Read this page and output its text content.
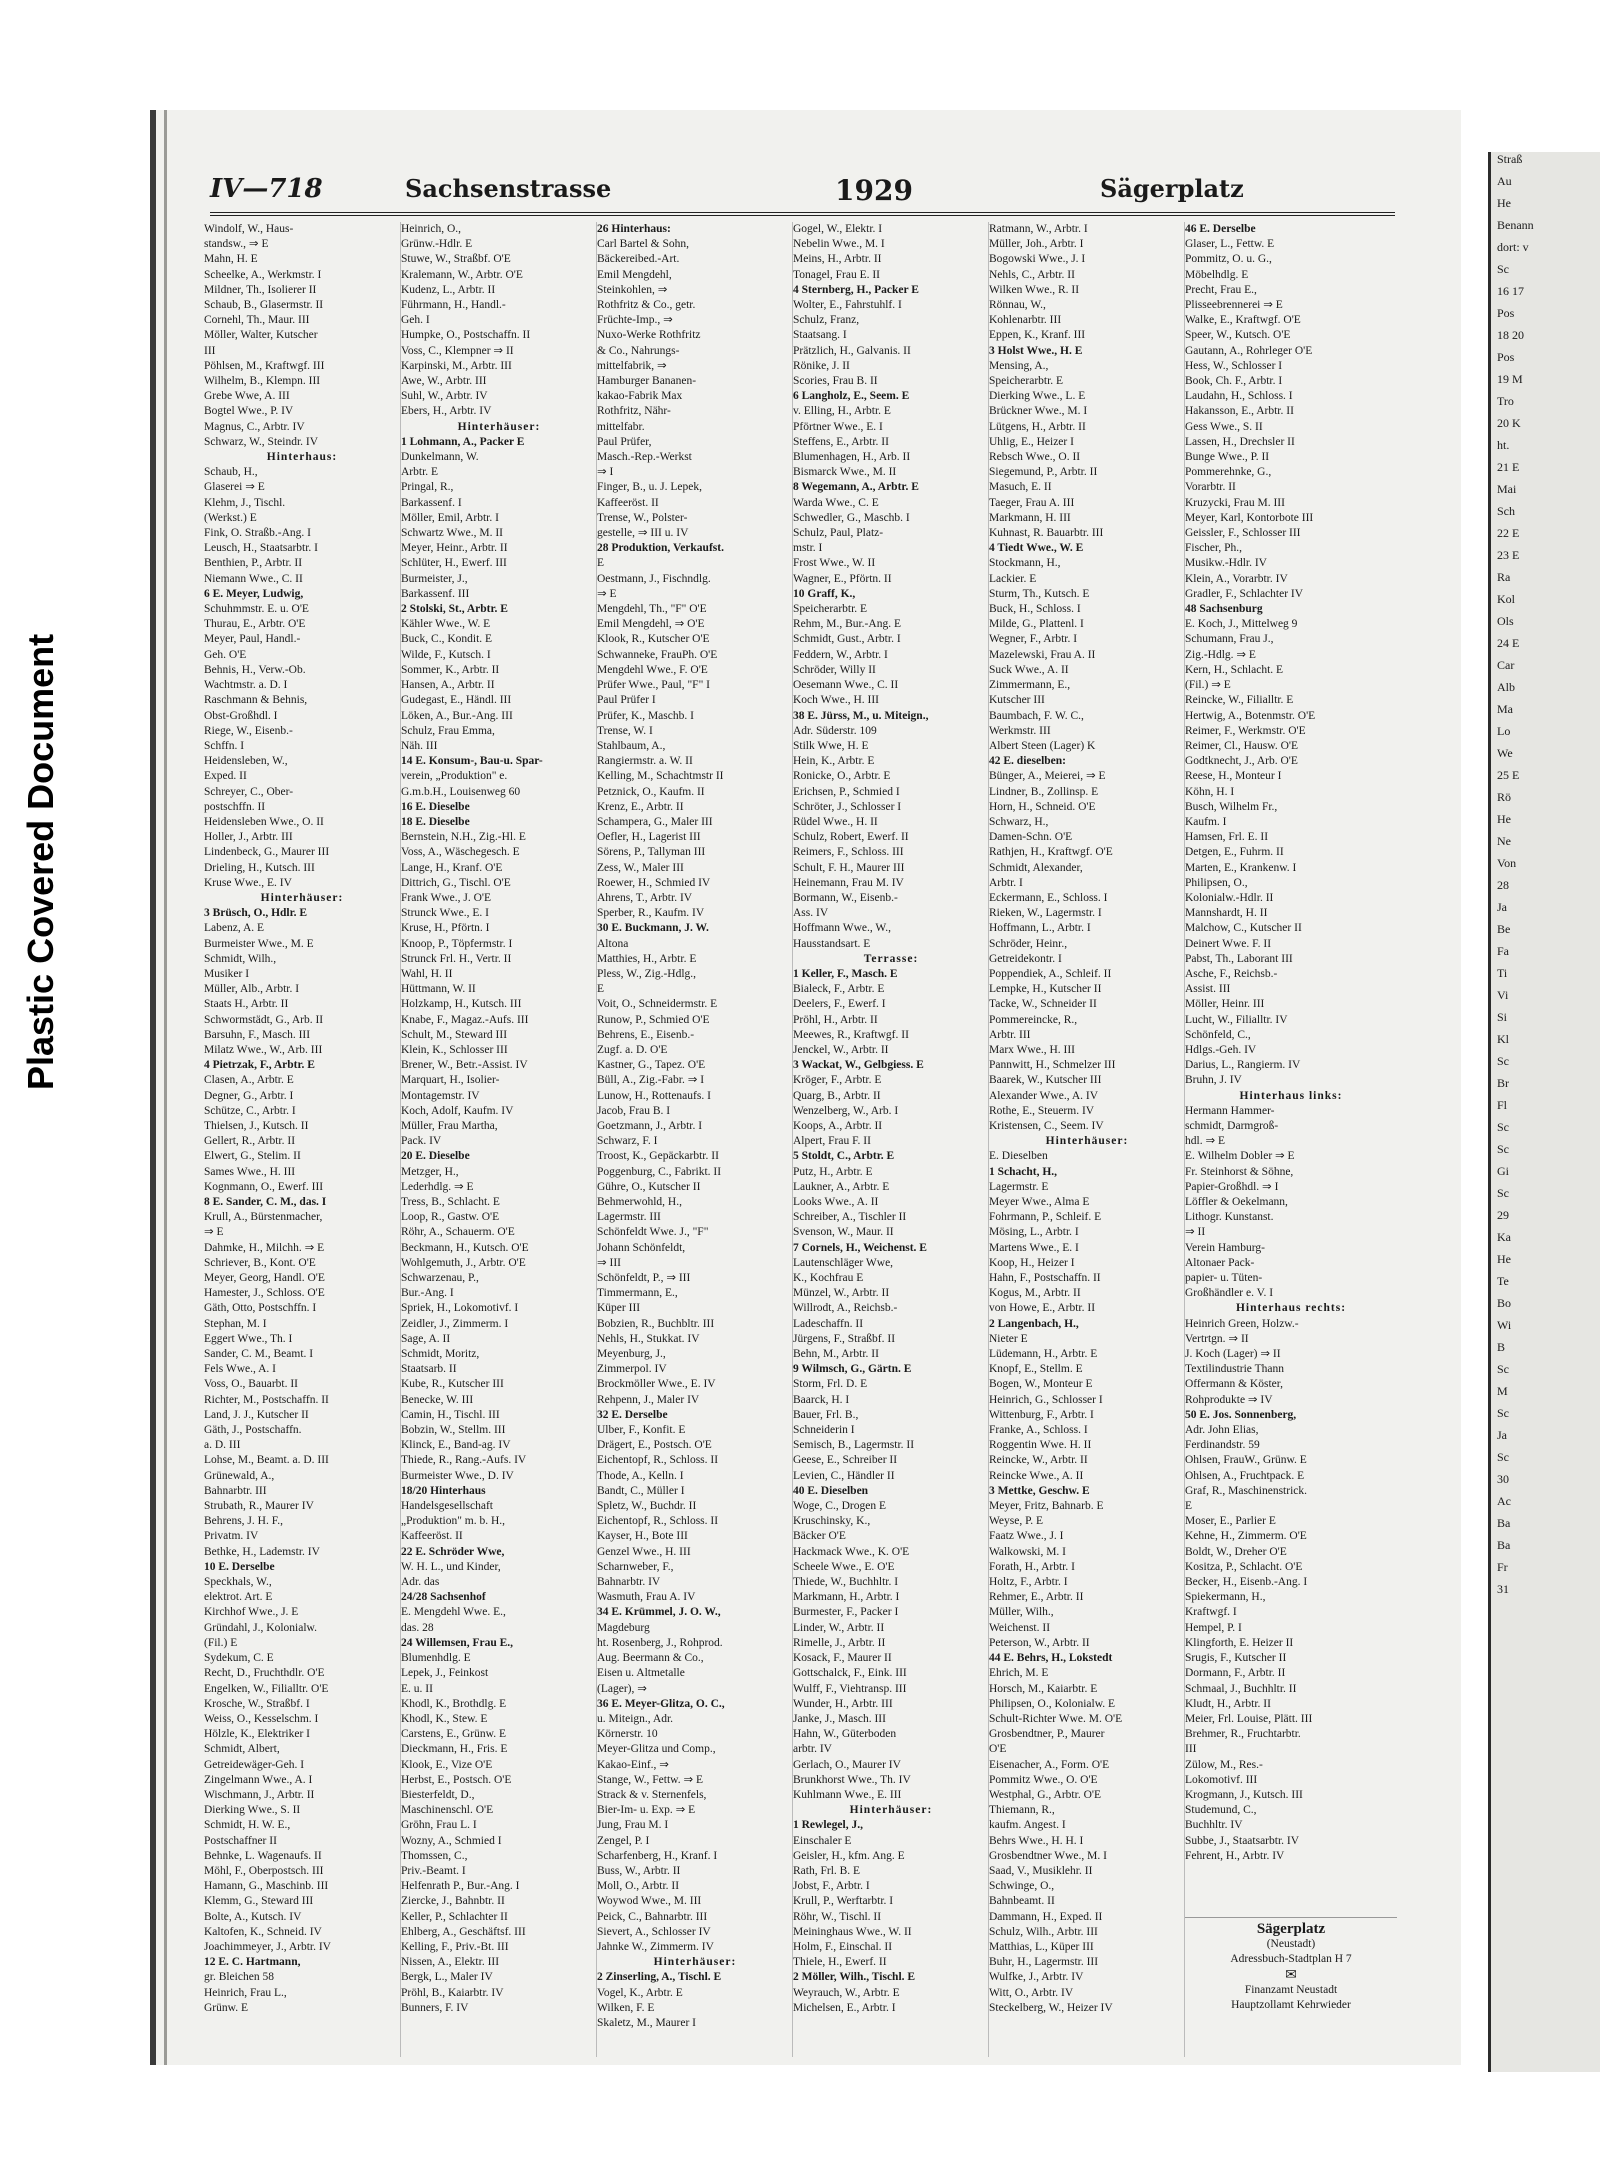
Plastic Covered Document
IV—718	Sachsenstrasse	1929	Sägerplatz
Windolf, W., Haus-
standsw., ⇒ E
Mahn, H. E
Scheelke, A., Werkmstr. I
Mildner, Th., Isolierer II
Schaub, B., Glasermstr. II
Cornehl, Th., Maur. III
Möller, Walter, Kutscher
III
Pöhlsen, M., Kraftwgf. III
Wilhelm, B., Klempn. III
Grebe Wwe, A. III
Bogtel Wwe., P. IV
Magnus, C., Arbtr. IV
Schwarz, W., Steindr. IV
Hinterhaus:
Schaub, H.,
Glaserei ⇒ E
Klehm, J., Tischl.
(Werkst.) E
Fink, O. Straßb.-Ang. I
Leusch, H., Staatsarbtr. I
Benthien, P., Arbtr. II
Niemann Wwe., C. II
6 E. Meyer, Ludwig,
Schuhmmstr. E. u. O'E
Thurau, E., Arbtr. O'E
Meyer, Paul, Handl.-
Geh. O'E
Behnis, H., Verw.-Ob.
Wachtmstr. a. D. I
Raschmann & Behnis,
Obst-Großhdl. I
Riege, W., Eisenb.-
Schffn. I
Heidensleben, W.,
Exped. II
Schreyer, C., Ober-
postschffn. II
Heidensleben Wwe., O. II
Holler, J., Arbtr. III
Lindenbeck, G., Maurer III
Drieling, H., Kutsch. III
Kruse Wwe., E. IV
Hinterhäuser:
3 Brüsch, O., Hdlr. E
Labenz, A. E
Burmeister Wwe., M. E
Schmidt, Wilh.,
Musiker I
Müller, Alb., Arbtr. I
Staats H., Arbtr. II
Schwormstädt, G., Arb. II
Barsuhn, F., Masch. III
Milatz Wwe., W., Arb. III
4 Pietrzak, F., Arbtr. E
Clasen, A., Arbtr. E
Degner, G., Arbtr. I
Schütze, C., Arbtr. I
Thielsen, J., Kutsch. II
Gellert, R., Arbtr. II
Elwert, G., Stelim. II
Sames Wwe., H. III
Kognmann, O., Ewerf. III
8 E. Sander, C. M., das. I
Krull, A., Bürstenmacher,
⇒ E
Dahmke, H., Milchh. ⇒ E
Schriever, B., Kont. O'E
Meyer, Georg, Handl. O'E
Hamester, J., Schloss. O'E
Gäth, Otto, Postschffn. I
Stephan, M. I
Eggert Wwe., Th. I
Sander, C. M., Beamt. I
Fels Wwe., A. I
Voss, O., Bauarbt. II
Richter, M., Postschaffn. II
Land, J. J., Kutscher II
Gäth, J., Postschaffn.
a. D. III
Lohse, M., Beamt. a. D. III
Grünewald, A.,
Bahnarbtr. III
Strubath, R., Maurer IV
Behrens, J. H. F.,
Privatm. IV
Bethke, H., Lademstr. IV
10 E. Derselbe
Speckhals, W.,
elektrot. Art. E
Kirchhof Wwe., J. E
Gründahl, J., Kolonialw.
(Fil.) E
Sydekum, C. E
Recht, D., Fruchthdlr. O'E
Engelken, W., Filialltr. O'E
Krosche, W., Straßbf. I
Weiss, O., Kesselschm. I
Hölzle, K., Elektriker I
Schmidt, Albert,
Getreidewäger-Geh. I
Zingelmann Wwe., A. I
Wischmann, J., Arbtr. II
Dierking Wwe., S. II
Schmidt, H. W. E.,
Postschaffner II
Behnke, L. Wagenaufs. II
Möhl, F., Oberpostsch. III
Hamann, G., Maschinb. III
Klemm, G., Steward III
Bolte, A., Kutsch. IV
Kaltofen, K., Schneid. IV
Joachimmeyer, J., Arbtr. IV
12 E. C. Hartmann,
gr. Bleichen 58
Heinrich, Frau L.,
Grünw. E
Heinrich, O.,
Grünw.-Hdlr. E
Stuwe, W., Straßbf. O'E
Kralemann, W., Arbtr. O'E
Kudenz, L., Arbtr. II
Führmann, H., Handl.-
Geh. I
Humpke, O., Postschaffn. II
Voss, C., Klempner ⇒ II
Karpinski, M., Arbtr. III
Awe, W., Arbtr. III
Suhl, W., Arbtr. IV
Ebers, H., Arbtr. IV
Hinterhäuser:
1 Lohmann, A., Packer E
Dunkelmann, W.
Arbtr. E
Pringal, R.,
Barkassenf. I
Möller, Emil, Arbtr. I
Schwartz Wwe., M. II
Meyer, Heinr., Arbtr. II
Schlüter, H., Ewerf. III
Burmeister, J.,
Barkassenf. III
2 Stolski, St., Arbtr. E
Kähler Wwe., W. E
Buck, C., Kondit. E
Wilde, F., Kutsch. I
Sommer, K., Arbtr. II
Hansen, A., Arbtr. II
Gudegast, E., Händl. III
Löken, A., Bur.-Ang. III
Schulz, Frau Emma,
Näh. III
14 E. Konsum-, Bau-u. Spar-
verein, „Produktion" e.
G.m.b.H., Louisenweg 60
16 E. Dieselbe
18 E. Dieselbe
Bernstein, N.H., Zig.-Hl. E
Voss, A., Wäschegesch. E
Lange, H., Kranf. O'E
Dittrich, G., Tischl. O'E
Frank Wwe., J. O'E
Strunck Wwe., E. I
Kruse, H., Pförtn. I
Knoop, P., Töpfermstr. I
Strunck Frl. H., Vertr. II
Wahl, H. II
Hüttmann, W. II
Holzkamp, H., Kutsch. III
Knabe, F., Magaz.-Aufs. III
Schult, M., Steward III
Klein, K., Schlosser III
Brener, W., Betr.-Assist. IV
Marquart, H., Isolier-
Montagemstr. IV
Koch, Adolf, Kaufm. IV
Müller, Frau Martha,
Pack. IV
20 E. Dieselbe
Metzger, H.,
Lederhdlg. ⇒ E
Tress, B., Schlacht. E
Loop, R., Gastw. O'E
Röhr, A., Schauerm. O'E
Beckmann, H., Kutsch. O'E
Wohlgemuth, J., Arbtr. O'E
Schwarzenau, P.,
Bur.-Ang. I
Spriek, H., Lokomotivf. I
Zeidler, J., Zimmerm. I
Sage, A. II
Schmidt, Moritz,
Staatsarb. II
Kube, R., Kutscher III
Benecke, W. III
Camin, H., Tischl. III
Bobzin, W., Stellm. III
Klinck, E., Band-ag. IV
Thiede, R., Rang.-Aufs. IV
Burmeister Wwe., D. IV
18/20 Hinterhaus
Handelsgesellschaft
„Produktion" m. b. H.,
Kaffeeröst. II
22 E. Schröder Wwe,
W. H. L., und Kinder,
Adr. das
24/28 Sachsenhof
E. Mengdehl Wwe. E.,
das. 28
24 Willemsen, Frau E.,
Blumenhdlg. E
Lepek, J., Feinkost
E. u. II
Khodl, K., Brothdlg. E
Khodl, K., Stew. E
Carstens, E., Grünw. E
Dieckmann, H., Fris. E
Klook, E., Vize O'E
Herbst, E., Postsch. O'E
Biesterfeldt, D.,
Maschinenschl. O'E
Gröhn, Frau L. I
Wozny, A., Schmied I
Thomssen, C.,
Priv.-Beamt. I
Helfenrath P., Bur.-Ang. I
Ziercke, J., Bahnbtr. II
Keller, P., Schlachter II
Ehlberg, A., Geschäftsf. III
Kelling, F., Priv.-Bt. III
Nissen, A., Elektr. III
Bergk, L., Maler IV
Pröhl, B., Kaiarbtr. IV
Bunners, F. IV
26 Hinterhaus:
Carl Bartel & Sohn,
Bäckereibed.-Art.
Emil Mengdehl,
Steinkohlen, ⇒
Rothfritz & Co., getr.
Früchte-Imp., ⇒
Nuxo-Werke Rothfritz
& Co., Nahrungs-
mittelfabrik, ⇒
Hamburger Bananen-
kakao-Fabrik Max
Rothfritz, Nähr-
mittelfabr.
Paul Prüfer,
Masch.-Rep.-Werkst
⇒ I
Finger, B., u. J. Lepek,
Kaffeeröst. II
Trense, W., Polster-
gestelle, ⇒ III u. IV
28 Produktion, Verkaufst.
E
Oestmann, J., Fischndlg.
⇒ E
Mengdehl, Th., "F" O'E
Emil Mengdehl, ⇒ O'E
Klook, R., Kutscher O'E
Schwanneke, FrauPh. O'E
Mengdehl Wwe., F. O'E
Prüfer Wwe., Paul, "F" I
Paul Prüfer I
Prüfer, K., Maschb. I
Trense, W. I
Stahlbaum, A.,
Rangiermstr. a. W. II
Kelling, M., Schachtmstr II
Petznick, O., Kaufm. II
Krenz, E., Arbtr. II
Schampera, G., Maler III
Oefler, H., Lagerist III
Sörens, P., Tallyman III
Zess, W., Maler III
Roewer, H., Schmied IV
Ahrens, T., Arbtr. IV
Sperber, R., Kaufm. IV
30 E. Buckmann, J. W.
Altona
Matthies, H., Arbtr. E
Pless, W., Zig.-Hdlg.,
E
Voit, O., Schneidermstr. E
Runow, P., Schmied O'E
Behrens, E., Eisenb.-
Zugf. a. D. O'E
Kastner, G., Tapez. O'E
Büll, A., Zig.-Fabr. ⇒ I
Lunow, H., Rottenaufs. I
Jacob, Frau B. I
Goetzmann, J., Arbtr. I
Schwarz, F. I
Troost, K., Gepäckarbtr. II
Poggenburg, C., Fabrikt. II
Gühre, O., Kutscher II
Behmerwohld, H.,
Lagermstr. III
Schönfeldt Wwe. J., "F"
Johann Schönfeldt,
⇒ III
Schönfeldt, P., ⇒ III
Timmermann, E.,
Küper III
Bobzien, R., Buchbltr. III
Nehls, H., Stukkat. IV
Meyenburg, J.,
Zimmerpol. IV
Brockmöller Wwe., E. IV
Rehpenn, J., Maler IV
32 E. Derselbe
Ulber, F., Konfit. E
Drägert, E., Postsch. O'E
Eichentopf, R., Schloss. II
Thode, A., Kelln. I
Bandt, C., Müller I
Spletz, W., Buchdr. II
Eichentopf, R., Schloss. II
Kayser, H., Bote III
Genzel Wwe., H. III
Scharnweber, F.,
Bahnarbtr. IV
Wasmuth, Frau A. IV
34 E. Krümmel, J. O. W.,
Magdeburg
ht. Rosenberg, J., Rohprod.
Aug. Beermann & Co.,
Eisen u. Altmetalle
(Lager), ⇒
36 E. Meyer-Glitza, O. C.,
u. Miteign., Adr.
Körnerstr. 10
Meyer-Glitza und Comp.,
Kakao-Einf., ⇒
Stange, W., Fettw. ⇒ E
Strack & v. Sternenfels,
Bier-Im- u. Exp. ⇒ E
Jung, Frau M. I
Zengel, P. I
Scharfenberg, H., Kranf. I
Buss, W., Arbtr. II
Moll, O., Arbtr. II
Woywod Wwe., M. III
Peick, C., Bahnarbtr. III
Sievert, A., Schlosser IV
Jahnke W., Zimmerm. IV
Hinterhäuser:
2 Zinserling, A., Tischl. E
Vogel, K., Arbtr. E
Wilken, F. E
Skaletz, M., Maurer I
Gogel, W., Elektr. I
Nebelin Wwe., M. I
Meins, H., Arbtr. II
Tonagel, Frau E. II
4 Sternberg, H., Packer E
Wolter, E., Fahrstuhlf. I
Schulz, Franz,
Staatsang. I
Prätzlich, H., Galvanis. II
Rönike, J. II
Scories, Frau B. II
6 Langholz, E., Seem. E
v. Elling, H., Arbtr. E
Pförtner Wwe., E. I
Steffens, E., Arbtr. II
Blumenhagen, H., Arb. II
Bismarck Wwe., M. II
8 Wegemann, A., Arbtr. E
Warda Wwe., C. E
Schwedler, G., Maschb. I
Schulz, Paul, Platz-
mstr. I
Frost Wwe., W. II
Wagner, E., Pförtn. II
10 Graff, K.,
Speicherarbtr. E
Rehm, M., Bur.-Ang. E
Schmidt, Gust., Arbtr. I
Feddern, W., Arbtr. I
Schröder, Willy II
Oesemann Wwe., C. II
Koch Wwe., H. III
38 E. Jürss, M., u. Miteign.,
Adr. Süderstr. 109
Stilk Wwe, H. E
Hein, K., Arbtr. E
Ronicke, O., Arbtr. E
Erichsen, P., Schmied I
Schröter, J., Schlosser I
Rüdel Wwe., H. II
Schulz, Robert, Ewerf. II
Reimers, F., Schloss. III
Schult, F. H., Maurer III
Heinemann, Frau M. IV
Bormann, W., Eisenb.-
Ass. IV
Hoffmann Wwe., W.,
Hausstandsart. E
Terrasse:
1 Keller, F., Masch. E
Bialeck, F., Arbtr. E
Deelers, F., Ewerf. I
Pröhl, H., Arbtr. II
Meewes, R., Kraftwgf. II
Jenckel, W., Arbtr. II
3 Wackat, W., Gelbgiess. E
Kröger, F., Arbtr. E
Quarg, B., Arbtr. II
Wenzelberg, W., Arb. I
Koops, A., Arbtr. II
Alpert, Frau F. II
5 Stoldt, C., Arbtr. E
Putz, H., Arbtr. E
Laukner, A., Arbtr. E
Looks Wwe., A. II
Schreiber, A., Tischler II
Svenson, W., Maur. II
7 Cornels, H., Weichenst. E
Lautenschläger Wwe,
K., Kochfrau E
Münzel, W., Arbtr. II
Willrodt, A., Reichsb.-
Ladeschaffn. II
Jürgens, F., Straßbf. II
Behn, M., Arbtr. II
9 Wilmsch, G., Gärtn. E
Storm, Frl. D. E
Baarck, H. I
Bauer, Frl. B.,
Schneiderin I
Semisch, B., Lagermstr. II
Geese, E., Schreiber II
Levien, C., Händler II
40 E. Dieselben
Woge, C., Drogen E
Kruschinsky, K.,
Bäcker O'E
Hackmack Wwe., K. O'E
Scheele Wwe., E. O'E
Thiede, W., Buchhltr. I
Markmann, H., Arbtr. I
Burmester, F., Packer I
Linder, W., Arbtr. II
Rimelle, J., Arbtr. II
Kosack, F., Maurer II
Gottschalck, F., Eink. III
Wulff, F., Viehtransp. III
Wunder, H., Arbtr. III
Janke, J., Masch. III
Hahn, W., Güterboden
arbtr. IV
Gerlach, O., Maurer IV
Brunkhorst Wwe., Th. IV
Kuhlmann Wwe., E. III
Hinterhäuser:
1 Rewlegel, J.,
Einschaler E
Geisler, H., kfm. Ang. E
Rath, Frl. B. E
Jobst, F., Arbtr. I
Krull, P., Werftarbtr. I
Röhr, W., Tischl. II
Meininghaus Wwe., W. II
Holm, F., Einschal. II
Thiele, H., Ewerf. II
2 Möller, Wilh., Tischl. E
Weyrauch, W., Arbtr. E
Michelsen, E., Arbtr. I
Ratmann, W., Arbtr. I
Müller, Joh., Arbtr. I
Bogowski Wwe., J. I
Nehls, C., Arbtr. II
Wilken Wwe., R. II
Rönnau, W.,
Kohlenarbtr. III
Eppen, K., Kranf. III
3 Holst Wwe., H. E
Mensing, A.,
Speicherarbtr. E
Dierking Wwe., L. E
Brückner Wwe., M. I
Lütgens, H., Arbtr. II
Uhlig, E., Heizer I
Rebsch Wwe., O. II
Siegemund, P., Arbtr. II
Masuch, E. II
Taeger, Frau A. III
Markmann, H. III
Kuhnast, R. Bauarbtr. III
4 Tiedt Wwe., W. E
Stockmann, H.,
Lackier. E
Sturm, Th., Kutsch. E
Buck, H., Schloss. I
Milde, G., Plattenl. I
Wegner, F., Arbtr. I
Mazelewski, Frau A. II
Suck Wwe., A. II
Zimmermann, E.,
Kutscher III
Baumbach, F. W. C.,
Werkmstr. III
Albert Steen (Lager) K
42 E. dieselben:
Bünger, A., Meierei, ⇒ E
Lindner, B., Zollinsp. E
Horn, H., Schneid. O'E
Schwarz, H.,
Damen-Schn. O'E
Rathjen, H., Kraftwgf. O'E
Schmidt, Alexander,
Arbtr. I
Eckermann, E., Schloss. I
Rieken, W., Lagermstr. I
Hoffmann, L., Arbtr. I
Schröder, Heinr.,
Getreidekontr. I
Poppendiek, A., Schleif. II
Lempke, H., Kutscher II
Tacke, W., Schneider II
Pommereincke, R.,
Arbtr. III
Marx Wwe., H. III
Pannwitt, H., Schmelzer III
Baarek, W., Kutscher III
Alexander Wwe., A. IV
Rothe, E., Steuerm. IV
Kristensen, C., Seem. IV
Hinterhäuser:
E. Dieselben
1 Schacht, H.,
Lagermstr. E
Meyer Wwe., Alma E
Fohrmann, P., Schleif. E
Mösing, L., Arbtr. I
Martens Wwe., E. I
Koop, H., Heizer I
Hahn, F., Postschaffn. II
Kogus, M., Arbtr. II
von Howe, E., Arbtr. II
2 Langenbach, H.,
Nieter E
Lüdemann, H., Arbtr. E
Knopf, E., Stellm. E
Bogen, W., Monteur E
Heinrich, G., Schlosser I
Wittenburg, F., Arbtr. I
Franke, A., Schloss. I
Roggentin Wwe. H. II
Reincke, W., Arbtr. II
Reincke Wwe., A. II
3 Mettke, Geschw. E
Meyer, Fritz, Bahnarb. E
Weyse, P. E
Faatz Wwe., J. I
Walkowski, M. I
Forath, H., Arbtr. I
Holtz, F., Arbtr. I
Rehmer, E., Arbtr. II
Müller, Wilh.,
Weichenst. II
Peterson, W., Arbtr. II
44 E. Behrs, H., Lokstedt
Ehrich, M. E
Horsch, M., Kaiarbtr. E
Philipsen, O., Kolonialw. E
Schult-Richter Wwe. M. O'E
Grosbendtner, P., Maurer
O'E
Eisenacher, A., Form. O'E
Pommitz Wwe., O. O'E
Westphal, G., Arbtr. O'E
Thiemann, R.,
kaufm. Angest. I
Behrs Wwe., H. H. I
Grosbendtner Wwe., M. I
Saad, V., Musiklehr. II
Schwinge, O.,
Bahnbeamt. II
Dammann, H., Exped. II
Schulz, Wilh., Arbtr. III
Matthias, L., Küper III
Buhr, H., Lagermstr. III
Wulfke, J., Arbtr. IV
Witt, O., Arbtr. IV
Steckelberg, W., Heizer IV
46 E. Derselbe
Glaser, L., Fettw. E
Pommitz, O. u. G.,
Möbelhdlg. E
Precht, Frau E.,
Plisseebrennerei ⇒ E
Walke, E., Kraftwgf. O'E
Speer, W., Kutsch. O'E
Gautann, A., Rohrleger O'E
Hess, W., Schlosser I
Book, Ch. F., Arbtr. I
Laudahn, H., Schloss. I
Hakansson, E., Arbtr. II
Gess Wwe., S. II
Lassen, H., Drechsler II
Bunge Wwe., P. II
Pommerehnke, G.,
Vorarbtr. II
Kruzycki, Frau M. III
Meyer, Karl, Kontorbote III
Geissler, F., Schlosser III
Fischer, Ph.,
Musikw.-Hdlr. IV
Klein, A., Vorarbtr. IV
Gradler, F., Schlachter IV
48 Sachsenburg
E. Koch, J., Mittelweg 9
Schumann, Frau J.,
Zig.-Hdlg. ⇒ E
Kern, H., Schlacht. E
(Fil.) ⇒ E
Reincke, W., Filialltr. E
Hertwig, A., Botenmstr. O'E
Reimer, F., Werkmstr. O'E
Reimer, Cl., Hausw. O'E
Godtknecht, J., Arb. O'E
Reese, H., Monteur I
Köhn, H. I
Busch, Wilhelm Fr.,
Kaufm. I
Hamsen, Frl. E. II
Detgen, E., Fuhrm. II
Marten, E., Krankenw. I
Philipsen, O.,
Kolonialw.-Hdlr. II
Mannshardt, H. II
Malchow, C., Kutscher II
Deinert Wwe. F. II
Pabst, Th., Laborant III
Asche, F., Reichsb.-
Assist. III
Möller, Heinr. III
Lucht, W., Filialltr. IV
Schönfeld, C.,
Hdlgs.-Geh. IV
Darius, L., Rangierm. IV
Bruhn, J. IV
Hinterhaus links:
Hermann Hammer-
schmidt, Darmgroß-
hdl. ⇒ E
E. Wilhelm Dobler ⇒ E
Fr. Steinhorst & Söhne,
Papier-Großhdl. ⇒ I
Löffler & Oekelmann,
Lithogr. Kunstanst.
⇒ II
Verein Hamburg-
Altonaer Pack-
papier- u. Tüten-
Großhändler e. V. I
Hinterhaus rechts:
Heinrich Green, Holzw.-
Vertrtgn. ⇒ II
J. Koch (Lager) ⇒ II
Textilindustrie Thann
Offermann & Köster,
Rohprodukte ⇒ IV
50 E. Jos. Sonnenberg,
Adr. John Elias,
Ferdinandstr. 59
Ohlsen, FrauW., Grünw. E
Ohlsen, A., Fruchtpack. E
Graf, R., Maschinenstrick.
E
Moser, E., Parlier E
Kehne, H., Zimmerm. O'E
Boldt, W., Dreher O'E
Kositza, P., Schlacht. O'E
Becker, H., Eisenb.-Ang. I
Spiekermann, H.,
Kraftwgf. I
Hempel, P. I
Klingforth, E. Heizer II
Srugis, F., Kutscher II
Dormann, F., Arbtr. II
Schmaal, J., Buchhltr. II
Kludt, H., Arbtr. II
Meier, Frl. Louise, Plätt. III
Brehmer, R., Fruchtarbtr.
III
Zülow, M., Res.-
Lokomotivf. III
Krogmann, J., Kutsch. III
Studemund, C.,
Buchhltr. IV
Subbe, J., Staatsarbtr. IV
Fehrent, H., Arbtr. IV
Sägerplatz
(Neustadt)
Adressbuch-Stadtplan H 7
✉
Finanzamt Neustadt
Hauptzollamt Kehrwieder
Straß
Au
He
Benann
dort: v
Sc
16 17
Pos
18 20
Pos
19 M
Tro
20 K
ht.
21 E
Mai
Sch
22 E
23 E
Ra
Kol
Ols
24 E
Car
Alb
Ma
Lo
We
25 E
Rö
He
Ne
Von
28
Ja
Be
Fa
Ti
Vi
Si
Kl
Sc
Br
Fl
Sc
Sc
Gi
Sc
29
Ka
He
Te
Bo
Wi
B
Sc
M
Sc
Ja
Sc
30
Ac
Ba
Ba
Fr
31
